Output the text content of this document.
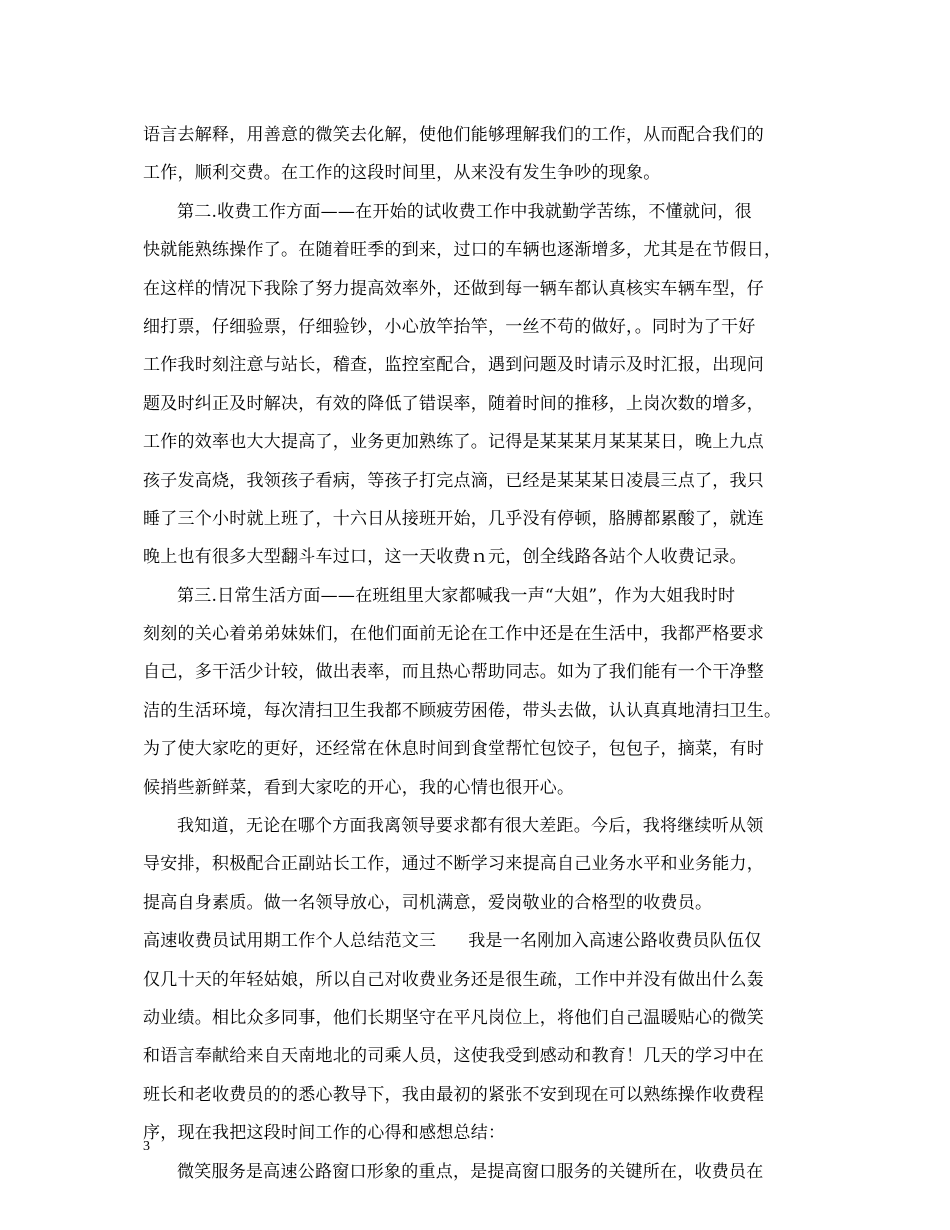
语言去解释，用善意的微笑去化解，使他们能够理解我们的工作，从而配合我们的
工作，顺利交费。在工作的这段时间里，从来没有发生争吵的现象。
第二.收费工作方面——在开始的试收费工作中我就勤学苦练，不懂就问，很
快就能熟练操作了。在随着旺季的到来，过口的车辆也逐渐增多，尤其是在节假日，
在这样的情况下我除了努力提高效率外，还做到每一辆车都认真核实车辆车型，仔
细打票，仔细验票，仔细验钞，小心放竿抬竿，一丝不苟的做好，。同时为了干好
工作我时刻注意与站长，稽查，监控室配合，遇到问题及时请示及时汇报，出现问
题及时纠正及时解决，有效的降低了错误率，随着时间的推移，上岗次数的增多，
工作的效率也大大提高了，业务更加熟练了。记得是某某某月某某某日，晚上九点
孩子发高烧，我领孩子看病，等孩子打完点滴，已经是某某某日凌晨三点了，我只
睡了三个小时就上班了，十六日从接班开始，几乎没有停顿，胳膊都累酸了，就连
晚上也有很多大型翻斗车过口，这一天收费ｎ元，创全线路各站个人收费记录。
第三.日常生活方面——在班组里大家都喊我一声“大姐”，作为大姐我时时
刻刻的关心着弟弟妹妹们，在他们面前无论在工作中还是在生活中，我都严格要求
自己，多干活少计较，做出表率，而且热心帮助同志。如为了我们能有一个干净整
洁的生活环境，每次清扫卫生我都不顾疲劳困倦，带头去做，认认真真地清扫卫生。
为了使大家吃的更好，还经常在休息时间到食堂帮忙包饺子，包包子，摘菜，有时
候捎些新鲜菜，看到大家吃的开心，我的心情也很开心。
我知道，无论在哪个方面我离领导要求都有很大差距。今后，我将继续听从领
导安排，积极配合正副站长工作，通过不断学习来提高自己业务水平和业务能力，
提高自身素质。做一名领导放心，司机满意，爱岗敬业的合格型的收费员。
高速收费员试用期工作个人总结范文三 我是一名刚加入高速公路收费员队伍仅
仅几十天的年轻姑娘，所以自己对收费业务还是很生疏，工作中并没有做出什么轰
动业绩。相比众多同事，他们长期坚守在平凡岗位上，将他们自己温暖贴心的微笑
和语言奉献给来自天南地北的司乘人员，这使我受到感动和教育！几天的学习中在
班长和老收费员的的悉心教导下，我由最初的紧张不安到现在可以熟练操作收费程
序，现在我把这段时间工作的心得和感想总结：
微笑服务是高速公路窗口形象的重点，是提高窗口服务的关键所在，收费员在
3
